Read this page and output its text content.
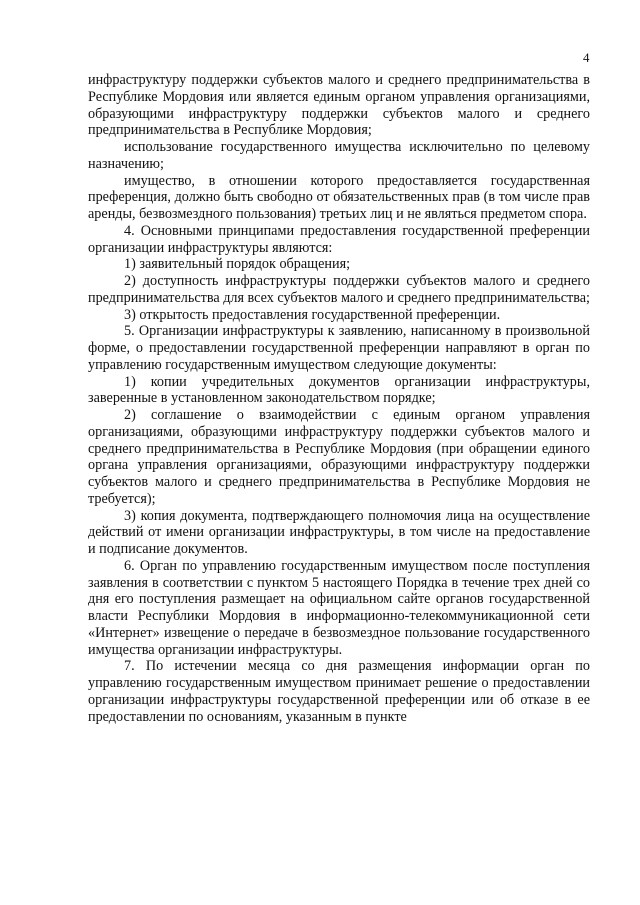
4

инфраструктуру поддержки субъектов малого и среднего предпринимательства в Республике Мордовия или является единым органом управления организациями, образующими инфраструктуру поддержки субъектов малого и среднего предпринимательства в Республике Мордовия;

использование государственного имущества исключительно по целевому назначению;

имущество, в отношении которого предоставляется государственная преференция, должно быть свободно от обязательственных прав (в том числе прав аренды, безвозмездного пользования) третьих лиц и не являться предметом спора.

4. Основными принципами предоставления государственной преференции организации инфраструктуры являются:

1) заявительный порядок обращения;

2) доступность инфраструктуры поддержки субъектов малого и среднего предпринимательства для всех субъектов малого и среднего предпринимательства;

3) открытость предоставления государственной преференции.

5. Организации инфраструктуры к заявлению, написанному в произвольной форме, о предоставлении государственной преференции направляют в орган по управлению государственным имуществом следующие документы:

1) копии учредительных документов организации инфраструктуры, заверенные в установленном законодательством порядке;

2) соглашение о взаимодействии с единым органом управления организациями, образующими инфраструктуру поддержки субъектов малого и среднего предпринимательства в Республике Мордовия (при обращении единого органа управления организациями, образующими инфраструктуру поддержки субъектов малого и среднего предпринимательства в Республике Мордовия не требуется);

3) копия документа, подтверждающего полномочия лица на осуществление действий от имени организации инфраструктуры, в том числе на предоставление и подписание документов.

6. Орган по управлению государственным имуществом после поступления заявления в соответствии с пунктом 5 настоящего Порядка в течение трех дней со дня его поступления размещает на официальном сайте органов государственной власти Республики Мордовия в информационно-телекоммуникационной сети «Интернет» извещение о передаче в безвозмездное пользование государственного имущества организации инфраструктуры.

7. По истечении месяца со дня размещения информации орган по управлению государственным имуществом принимает решение о предоставлении организации инфраструктуры государственной преференции или об отказе в ее предоставлении по основаниям, указанным в пункте
